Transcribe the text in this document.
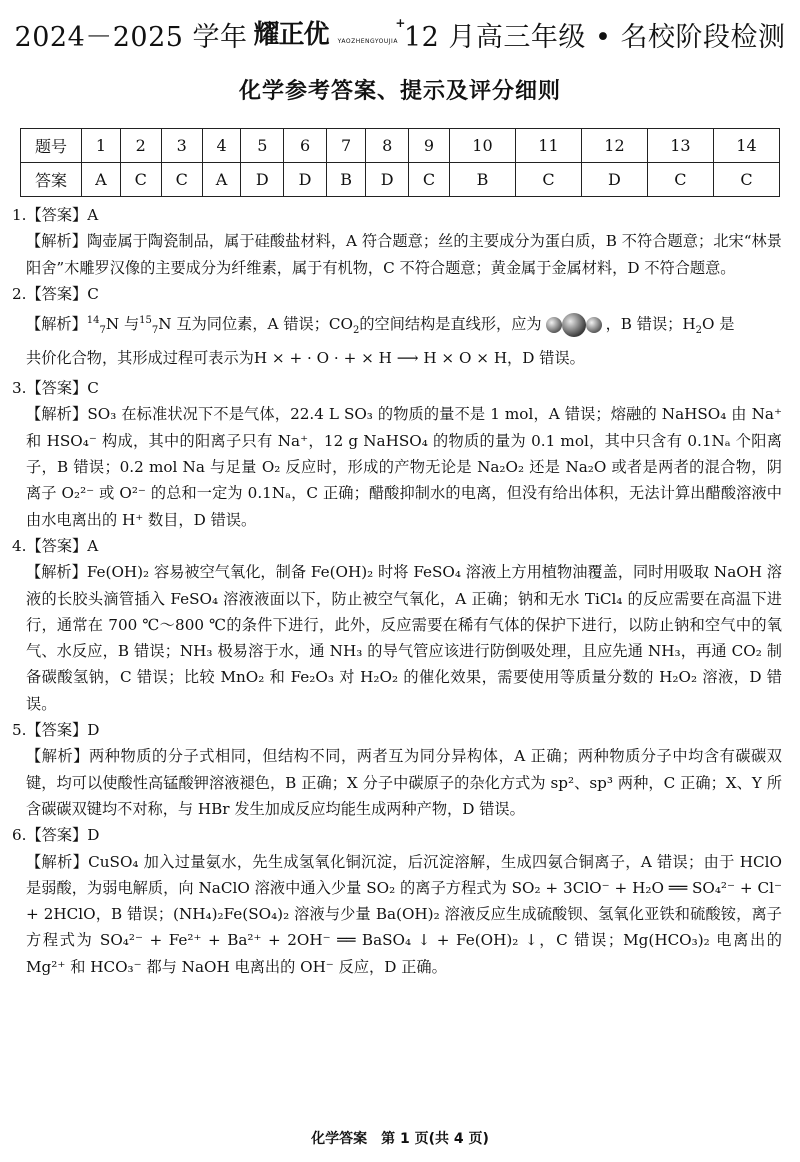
2024－2025 学年 耀正优 YAOZHENGYOUJIA
+
12 月高三年级 • 名校阶段检测
化学参考答案、提示及评分细则
题号	1	2	3	4	5	6	7	8	9	10	11	12	13	14
答案	A	C	C	A	D	D	B	D	C	B	C	D	C	C
1.【答案】A
【解析】陶壶属于陶瓷制品，属于硅酸盐材料，A 符合题意；丝的主要成分为蛋白质，B 不符合题意；北宋“林景阳舍”木雕罗汉像的主要成分为纤维素，属于有机物，C 不符合题意；黄金属于金属材料，D 不符合题意。
2.【答案】C
【解析】$^{14}_7$N 与$^{15}_7$N 互为同位素，A 错误；$CO_2$的空间结构是直线形，应为	，B 错误；$H_2O$ 是
共价化合物，其形成过程可表示为H × + · O · + × H ⟶ H × O × H，D 错误。
3.【答案】C
【解析】SO₃ 在标准状况下不是气体，22.4 L SO₃ 的物质的量不是 1 mol，A 错误；熔融的 NaHSO₄ 由 Na⁺ 和 HSO₄⁻ 构成，其中的阳离子只有 Na⁺，12 g NaHSO₄ 的物质的量为 0.1 mol，其中只含有 0.1Nₐ 个阳离子，B 错误；0.2 mol Na 与足量 O₂ 反应时，形成的产物无论是 Na₂O₂ 还是 Na₂O 或者是两者的混合物，阴离子 O₂²⁻ 或 O²⁻ 的总和一定为 0.1Nₐ，C 正确；醋酸抑制水的电离，但没有给出体积，无法计算出醋酸溶液中由水电离出的 H⁺ 数目，D 错误。
4.【答案】A
【解析】Fe(OH)₂ 容易被空气氧化，制备 Fe(OH)₂ 时将 FeSO₄ 溶液上方用植物油覆盖，同时用吸取 NaOH 溶液的长胶头滴管插入 FeSO₄ 溶液液面以下，防止被空气氧化，A 正确；钠和无水 TiCl₄ 的反应需要在高温下进行，通常在 700 ℃～800 ℃的条件下进行，此外，反应需要在稀有气体的保护下进行，以防止钠和空气中的氧气、水反应，B 错误；NH₃ 极易溶于水，通 NH₃ 的导气管应该进行防倒吸处理，且应先通 NH₃，再通 CO₂ 制备碳酸氢钠，C 错误；比较 MnO₂ 和 Fe₂O₃ 对 H₂O₂ 的催化效果，需要使用等质量分数的 H₂O₂ 溶液，D 错误。
5.【答案】D
【解析】两种物质的分子式相同，但结构不同，两者互为同分异构体，A 正确；两种物质分子中均含有碳碳双键，均可以使酸性高锰酸钾溶液褪色，B 正确；X 分子中碳原子的杂化方式为 sp²、sp³ 两种，C 正确；X、Y 所含碳碳双键均不对称，与 HBr 发生加成反应均能生成两种产物，D 错误。
6.【答案】D
【解析】CuSO₄ 加入过量氨水，先生成氢氧化铜沉淀，后沉淀溶解，生成四氨合铜离子，A 错误；由于 HClO 是弱酸，为弱电解质，向 NaClO 溶液中通入少量 SO₂ 的离子方程式为 SO₂ + 3ClO⁻ + H₂O ══ SO₄²⁻ + Cl⁻ + 2HClO，B 错误；(NH₄)₂Fe(SO₄)₂ 溶液与少量 Ba(OH)₂ 溶液反应生成硫酸钡、氢氧化亚铁和硫酸铵，离子方程式为 SO₄²⁻ + Fe²⁺ + Ba²⁺ + 2OH⁻ ══ BaSO₄ ↓ + Fe(OH)₂ ↓，C 错误；Mg(HCO₃)₂ 电离出的 Mg²⁺ 和 HCO₃⁻ 都与 NaOH 电离出的 OH⁻ 反应，D 正确。
化学答案　第 1 页(共 4 页)
